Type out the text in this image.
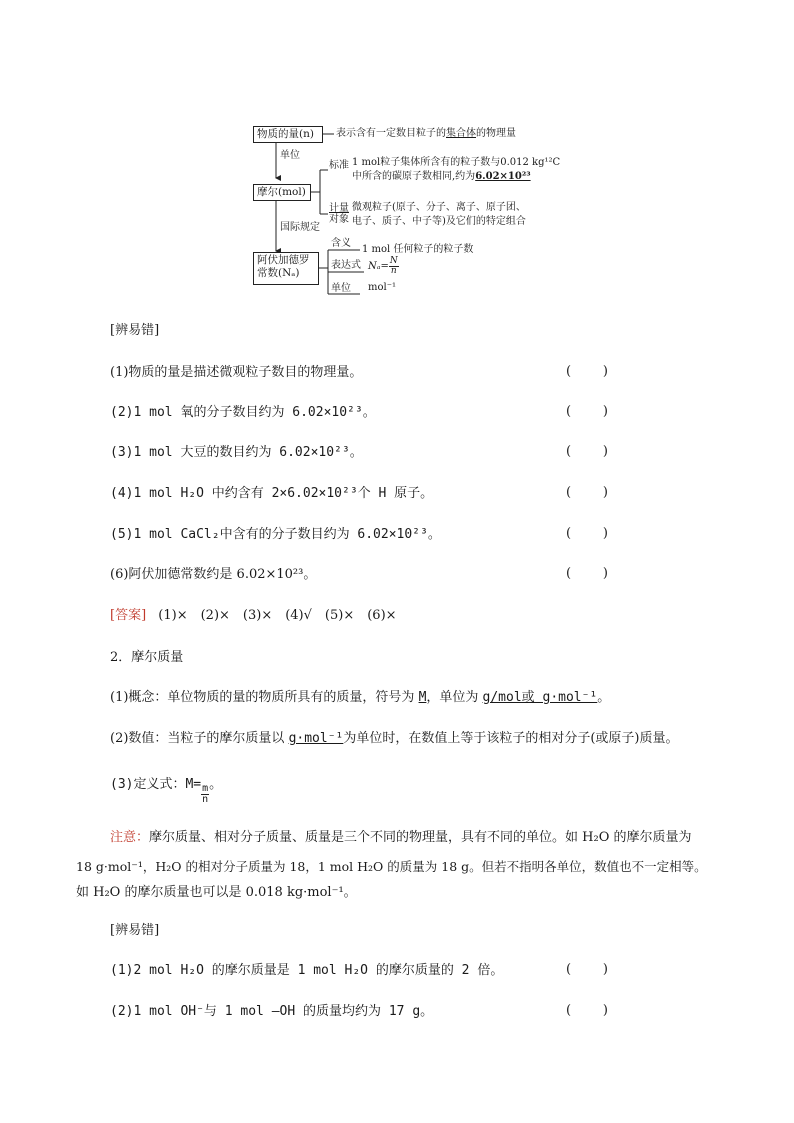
物质的量(n)	表示含有一定数目粒子的集合体的物理量
单位
摩尔(mol)
标准 1 mol粒子集体所含有的粒子数与0.012 kg¹²C
中所含的碳原子数相同,约为6.02×10²³
计量
对象
微观粒子(原子、分子、离子、原子团、
电子、质子、中子等)及它们的特定组合
国际规定
阿伏加德罗
常数(Nₐ)
含义
1 mol 任何粒子的粒子数
表达式 $N_a= \frac{N}{n}$
单位 mol⁻¹
[辨易错]
(1)物质的量是描述微观粒子数目的物理量。	( )
(2)1 mol 氧的分子数目约为 6.02×10²³。	( )
(3)1 mol 大豆的数目约为 6.02×10²³。	( )
(4)1 mol H₂O 中约含有 2×6.02×10²³个 H 原子。	( )
(5)1 mol CaCl₂中含有的分子数目约为 6.02×10²³。	( )
(6)阿伏加德常数约是 6.02×10²³。	( )
[答案] (1)×　(2)×　(3)×　(4)√　(5)×　(6)×
2．摩尔质量
(1)概念：单位物质的量的物质所具有的质量，符号为 M，单位为 g/mol或 g·mol⁻¹。
(2)数值：当粒子的摩尔质量以 g·mol⁻¹为单位时，在数值上等于该粒子的相对分子(或原子)质量。
(3)定义式：$M= \frac{m}{n}$ 。
注意：摩尔质量、相对分子质量、质量是三个不同的物理量，具有不同的单位。如 H₂O 的摩尔质量为
18 g·mol⁻¹，H₂O 的相对分子质量为 18，1 mol H₂O 的质量为 18 g。但若不指明各单位，数值也不一定相等。
如 H₂O 的摩尔质量也可以是 0.018 kg·mol⁻¹。
[辨易错]
(1)2 mol H₂O 的摩尔质量是 1 mol H₂O 的摩尔质量的 2 倍。	( )
(2)1 mol OH⁻与 1 mol —OH 的质量均约为 17 g。	( )
